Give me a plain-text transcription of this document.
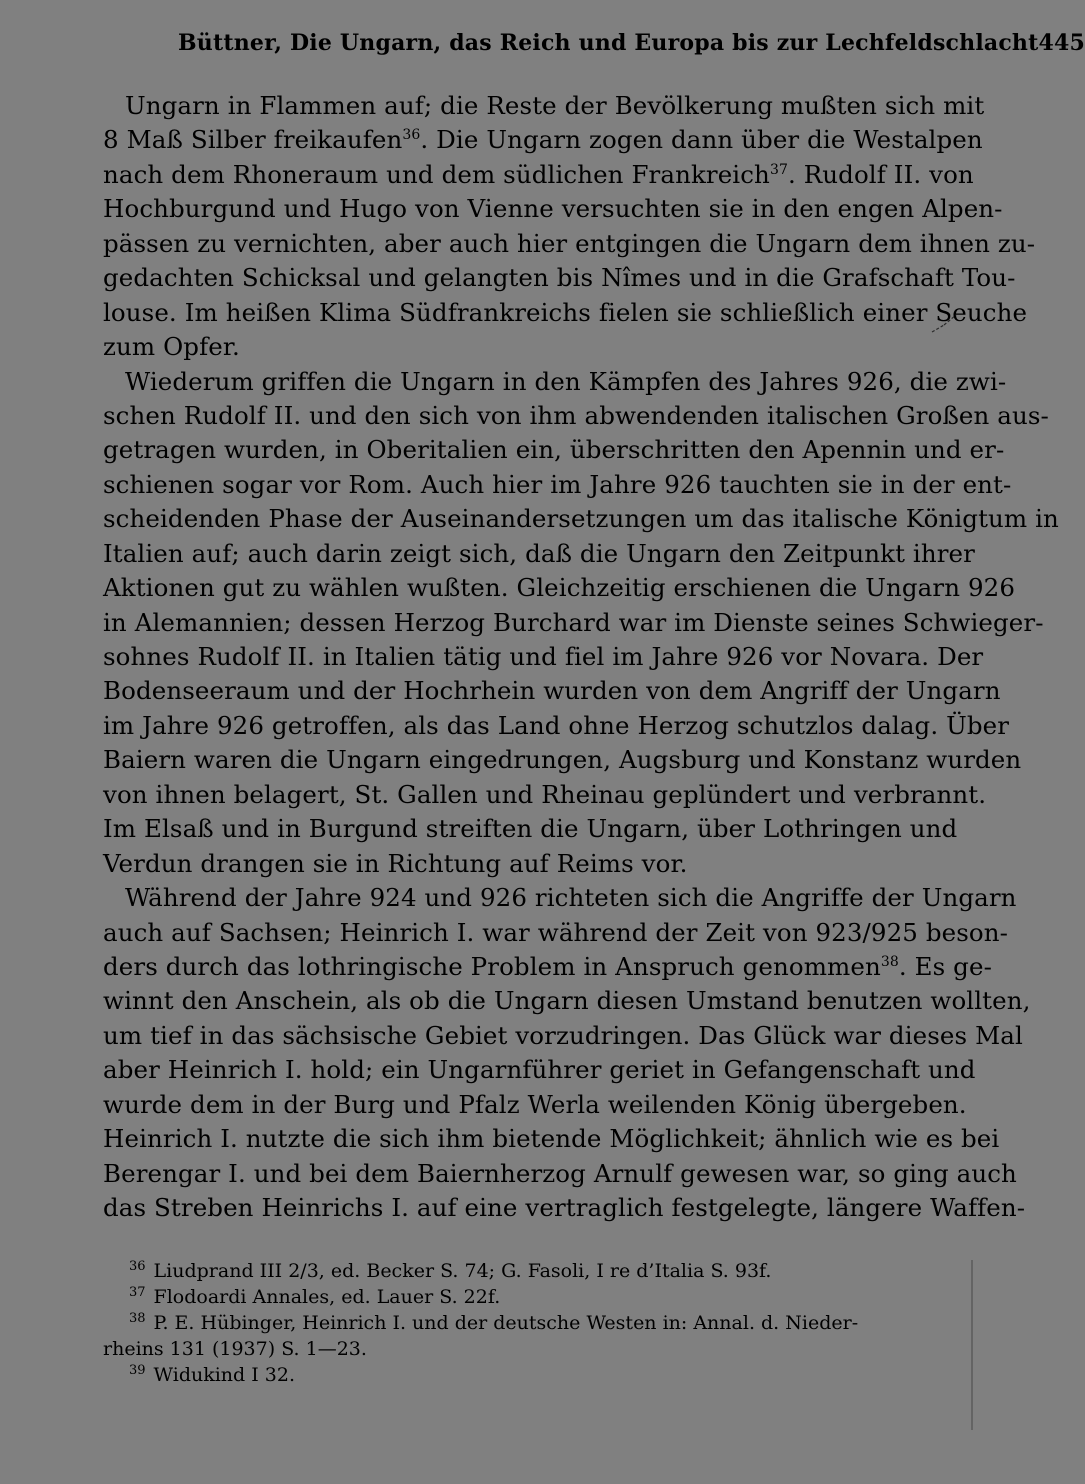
Büttner, Die Ungarn, das Reich und Europa bis zur Lechfeldschlacht 445
Ungarn in Flammen auf; die Reste der Bevölkerung mußten sich mit
8 Maß Silber freikaufen$^{36}$. Die Ungarn zogen dann über die Westalpen
nach dem Rhoneraum und dem südlichen Frankreich$^{37}$. Rudolf II. von
Hochburgund und Hugo von Vienne versuchten sie in den engen Alpen-
pässen zu vernichten, aber auch hier entgingen die Ungarn dem ihnen zu-
gedachten Schicksal und gelangten bis Nîmes und in die Grafschaft Tou-
louse. Im heißen Klima Südfrankreichs fielen sie schließlich einer Seuche
zum Opfer.
Wiederum griffen die Ungarn in den Kämpfen des Jahres 926, die zwi-
schen Rudolf II. und den sich von ihm abwendenden italischen Großen aus-
getragen wurden, in Oberitalien ein, überschritten den Apennin und er-
schienen sogar vor Rom. Auch hier im Jahre 926 tauchten sie in der ent-
scheidenden Phase der Auseinandersetzungen um das italische Königtum in
Italien auf; auch darin zeigt sich, daß die Ungarn den Zeitpunkt ihrer
Aktionen gut zu wählen wußten. Gleichzeitig erschienen die Ungarn 926
in Alemannien; dessen Herzog Burchard war im Dienste seines Schwieger-
sohnes Rudolf II. in Italien tätig und fiel im Jahre 926 vor Novara. Der
Bodenseeraum und der Hochrhein wurden von dem Angriff der Ungarn
im Jahre 926 getroffen, als das Land ohne Herzog schutzlos dalag. Über
Baiern waren die Ungarn eingedrungen, Augsburg und Konstanz wurden
von ihnen belagert, St. Gallen und Rheinau geplündert und verbrannt.
Im Elsaß und in Burgund streiften die Ungarn, über Lothringen und
Verdun drangen sie in Richtung auf Reims vor.
Während der Jahre 924 und 926 richteten sich die Angriffe der Ungarn
auch auf Sachsen; Heinrich I. war während der Zeit von 923/925 beson-
ders durch das lothringische Problem in Anspruch genommen$^{38}$. Es ge-
winnt den Anschein, als ob die Ungarn diesen Umstand benutzen wollten,
um tief in das sächsische Gebiet vorzudringen. Das Glück war dieses Mal
aber Heinrich I. hold; ein Ungarnführer geriet in Gefangenschaft und
wurde dem in der Burg und Pfalz Werla weilenden König übergeben.
Heinrich I. nutzte die sich ihm bietende Möglichkeit; ähnlich wie es bei
Berengar I. und bei dem Baiernherzog Arnulf gewesen war, so ging auch
das Streben Heinrichs I. auf eine vertraglich festgelegte, längere Waffen-
$^{36}$ Liudprand III 2/3, ed. Becker S. 74; G. Fasoli, I re d’Italia S. 93f.
$^{37}$ Flodoardi Annales, ed. Lauer S. 22f.
$^{38}$ P. E. Hübinger, Heinrich I. und der deutsche Westen in: Annal. d. Nieder-
rheins 131 (1937) S. 1—23.
$^{39}$ Widukind I 32.
